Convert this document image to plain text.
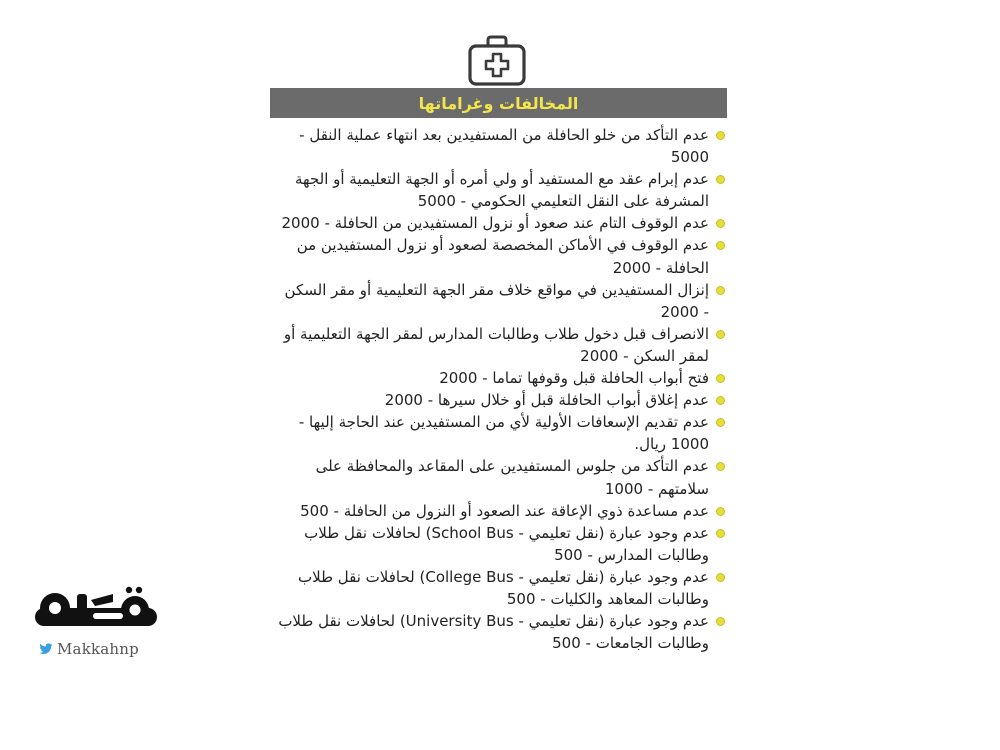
المخالفات وغراماتها
عدم التأكد من خلو الحافلة من المستفيدين بعد انتهاء عملية النقل - 5000
عدم إبرام عقد مع المستفيد أو ولي أمره أو الجهة التعليمية أو الجهة المشرفة على النقل التعليمي الحكومي - 5000
عدم الوقوف التام عند صعود أو نزول المستفيدين من الحافلة - 2000
عدم الوقوف في الأماكن المخصصة لصعود أو نزول المستفيدين من الحافلة - 2000
إنزال المستفيدين في مواقع خلاف مقر الجهة التعليمية أو مقر السكن - 2000
الانصراف قبل دخول طلاب وطالبات المدارس لمقر الجهة التعليمية أو لمقر السكن - 2000
فتح أبواب الحافلة قبل وقوفها تماما - 2000
عدم إغلاق أبواب الحافلة قبل أو خلال سيرها - 2000
عدم تقديم الإسعافات الأولية لأي من المستفيدين عند الحاجة إليها - 1000 ريال.
عدم التأكد من جلوس المستفيدين على المقاعد والمحافظة على سلامتهم - 1000
عدم مساعدة ذوي الإعاقة عند الصعود أو النزول من الحافلة - 500
عدم وجود عبارة (نقل تعليمي - School Bus) لحافلات نقل طلاب وطالبات المدارس - 500
عدم وجود عبارة (نقل تعليمي - College Bus) لحافلات نقل طلاب وطالبات المعاهد والكليات - 500
عدم وجود عبارة (نقل تعليمي - University Bus) لحافلات نقل طلاب وطالبات الجامعات - 500
Makkahnp
